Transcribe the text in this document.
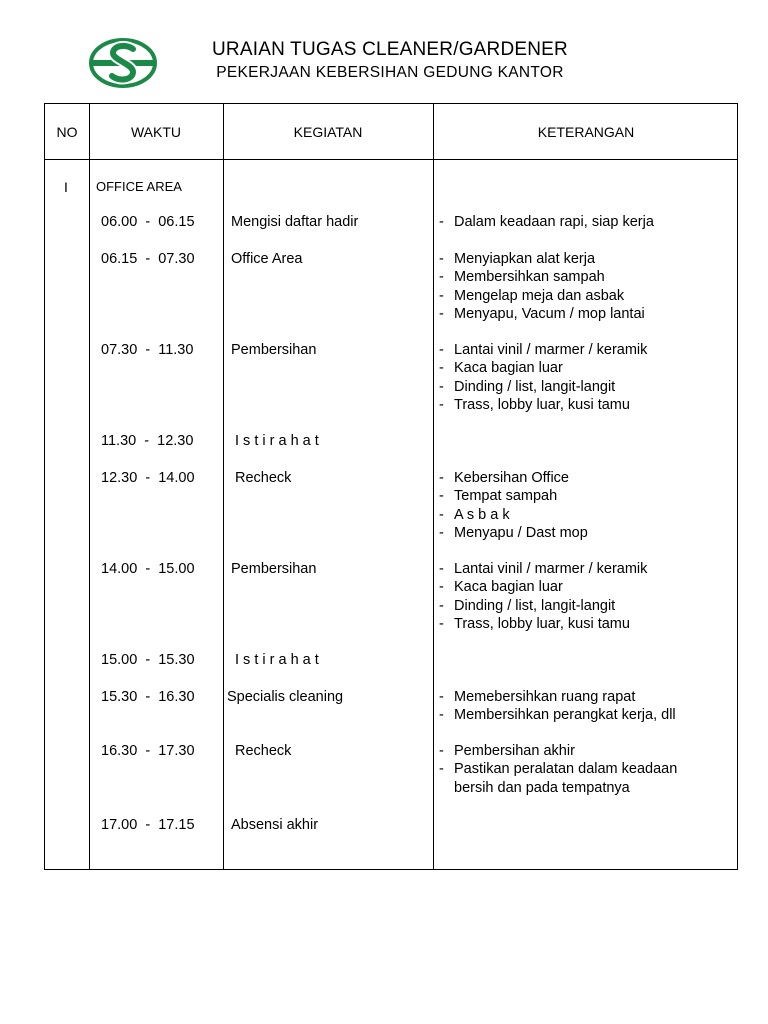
URAIAN TUGAS CLEANER/GARDENER
PEKERJAAN KEBERSIHAN GEDUNG KANTOR
NO	WAKTU	KEGIATAN	KETERANGAN
I OFFICE AREA
06.00  -  06.15	Mengisi daftar hadir	- Dalam keadaan rapi, siap kerja
06.15  -  07.30	Office Area	- Menyiapkan alat kerja
- Membersihkan sampah
- Mengelap meja dan asbak
- Menyapu, Vacum / mop lantai
07.30  -  11.30	Pembersihan	- Lantai vinil / marmer / keramik
- Kaca bagian luar
- Dinding / list, langit-langit
- Trass, lobby luar, kusi tamu
11.30  -  12.30	I s t i r a h a t
12.30  -  14.00	Recheck	- Kebersihan Office
- Tempat sampah
- A s b a k
- Menyapu / Dast mop
14.00  -  15.00	Pembersihan	- Lantai vinil / marmer / keramik
- Kaca bagian luar
- Dinding / list, langit-langit
- Trass, lobby luar, kusi tamu
15.00  -  15.30	I s t i r a h a t
15.30  -  16.30 Specialis cleaning	- Memebersihkan ruang rapat
- Membersihkan perangkat kerja, dll
16.30  -  17.30	Recheck	- Pembersihan akhir
- Pastikan peralatan dalam keadaan
bersih dan pada tempatnya
17.00  -  17.15	Absensi akhir
